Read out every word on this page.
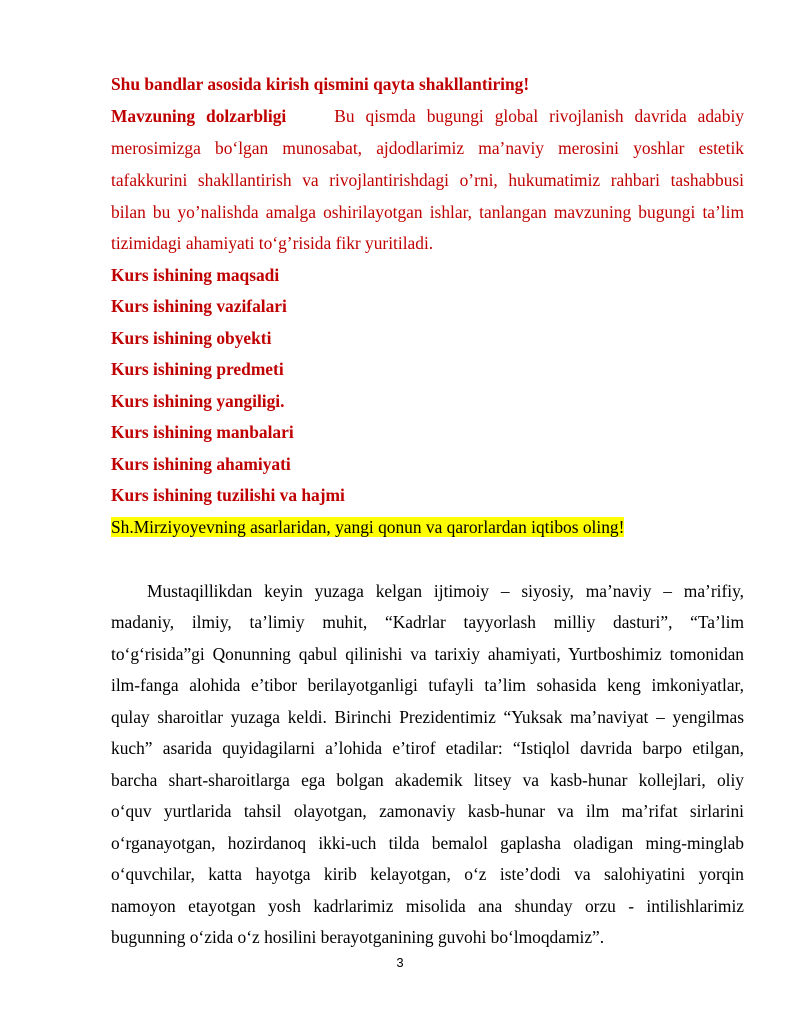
Shu bandlar asosida kirish qismini qayta shakllantiring!
Mavzuning dolzarbligi	Bu qismda bugungi global rivojlanish davrida adabiy
merosimizga bo‘lgan munosabat, ajdodlarimiz ma’naviy merosini yoshlar estetik
tafakkurini shakllantirish va rivojlantirishdagi o’rni, hukumatimiz rahbari tashabbusi
bilan bu yo’nalishda amalga oshirilayotgan ishlar, tanlangan mavzuning bugungi ta’lim
tizimidagi ahamiyati to‘g’risida fikr yuritiladi.
Kurs ishining maqsadi
Kurs ishining vazifalari
Kurs ishining obyekti
Kurs ishining predmeti
Kurs ishining yangiligi.
Kurs ishining manbalari
Kurs ishining ahamiyati
Kurs ishining tuzilishi va hajmi
Sh.Mirziyoyevning asarlaridan, yangi qonun va qarorlardan iqtibos oling!
Mustaqillikdan keyin yuzaga kelgan ijtimoiy – siyosiy, ma’naviy – ma’rifiy,
madaniy, ilmiy, ta’limiy muhit, “Kadrlar tayyorlash milliy dasturi”, “Ta’lim
to‘g‘risida”gi Qonunning qabul qilinishi va tarixiy ahamiyati, Yurtboshimiz tomonidan
ilm-fanga alohida e’tibor berilayotganligi tufayli ta’lim sohasida keng imkoniyatlar,
qulay sharoitlar yuzaga keldi. Birinchi Prezidentimiz “Yuksak ma’naviyat – yengilmas
kuch” asarida quyidagilarni a’lohida e’tirof etadilar: “Istiqlol davrida barpo etilgan,
barcha shart-sharoitlarga ega bolgan akademik litsey va kasb-hunar kollejlari, oliy
o‘quv yurtlarida tahsil olayotgan, zamonaviy kasb-hunar va ilm ma’rifat sirlarini
o‘rganayotgan, hozirdanoq ikki-uch tilda bemalol gaplasha oladigan ming-minglab
o‘quvchilar, katta hayotga kirib kelayotgan, o‘z iste’dodi va salohiyatini yorqin
namoyon etayotgan yosh kadrlarimiz misolida ana shunday orzu - intilishlarimiz
bugunning o‘zida o‘z hosilini berayotganining guvohi bo‘lmoqdamiz”.
3
